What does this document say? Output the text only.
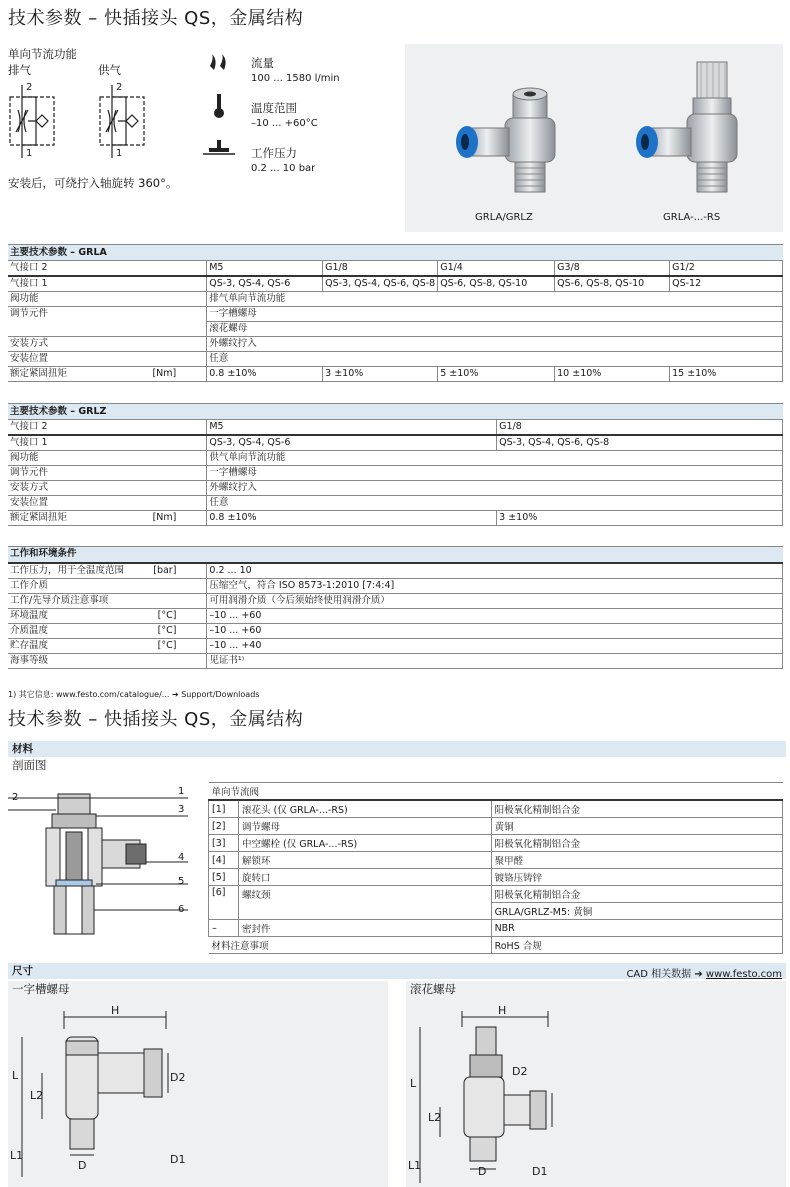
技术参数 – 快插接头 QS，金属结构
单向节流功能
排气	供气
2
1
2
1
安装后，可绕拧入轴旋转 360°。
流量
100 ... 1580 l/min
温度范围
–10 ... +60°C
工作压力
0.2 ... 10 bar
GRLA/GRLZ	GRLA-...-RS
主要技术参数 – GRLA					
气接口 2	M5	G1/8	G1/4	G3/8	G1/2
气接口 1	QS-3, QS-4, QS-6	QS-3, QS-4, QS-6, QS-8	QS-6, QS-8, QS-10	QS-6, QS-8, QS-10	QS-12
阀功能	排气单向节流功能				
调节元件	一字槽螺母				
	滚花螺母				
安装方式	外螺纹拧入				
安装位置	任意				
额定紧固扭矩 [Nm]	0.8 ±10%	3 ±10%	5 ±10%	10 ±10%	15 ±10%
主要技术参数 – GRLZ		
气接口 2	M5	G1/8
气接口 1	QS-3, QS-4, QS-6	QS-3, QS-4, QS-6, QS-8
阀功能	供气单向节流功能	
调节元件	一字槽螺母	
安装方式	外螺纹拧入	
安装位置	任意	
额定紧固扭矩 [Nm]	0.8 ±10%	3 ±10%
工作和环境条件	
工作压力，用于全温度范围 [bar]	0.2 ... 10
工作介质	压缩空气，符合 ISO 8573-1:2010 [7:4:4]
工作/先导介质注意事项	可用润滑介质（今后须始终使用润滑介质）
环境温度 [°C]	–10 ... +60
介质温度 [°C]	–10 ... +60
贮存温度 [°C]	–10 ... +40
海事等级	见证书¹⁾
1) 其它信息: www.festo.com/catalogue/... ➔ Support/Downloads
技术参数 – 快插接头 QS，金属结构
材料
剖面图
1
2
3
4
5
6
单向节流阀		
[1]	滚花头 (仅 GRLA-...-RS)	阳极氧化精制铝合金
[2]	调节螺母	黄铜
[3]	中空螺栓 (仅 GRLA-...-RS)	阳极氧化精制铝合金
[4]	解锁环	聚甲醛
[5]	旋转口	镀铬压铸锌
[6]	螺纹颈	阳极氧化精制铝合金
		GRLA/GRLZ-M5: 黄铜
–	密封件	NBR
材料注意事项		RoHS 合规
尺寸	CAD 相关数据 ➔ www.festo.com
一字槽螺母
H
L
L1
L2
D
D2
D1
滚花螺母
H
L
L1
L2
D
D2
D1
